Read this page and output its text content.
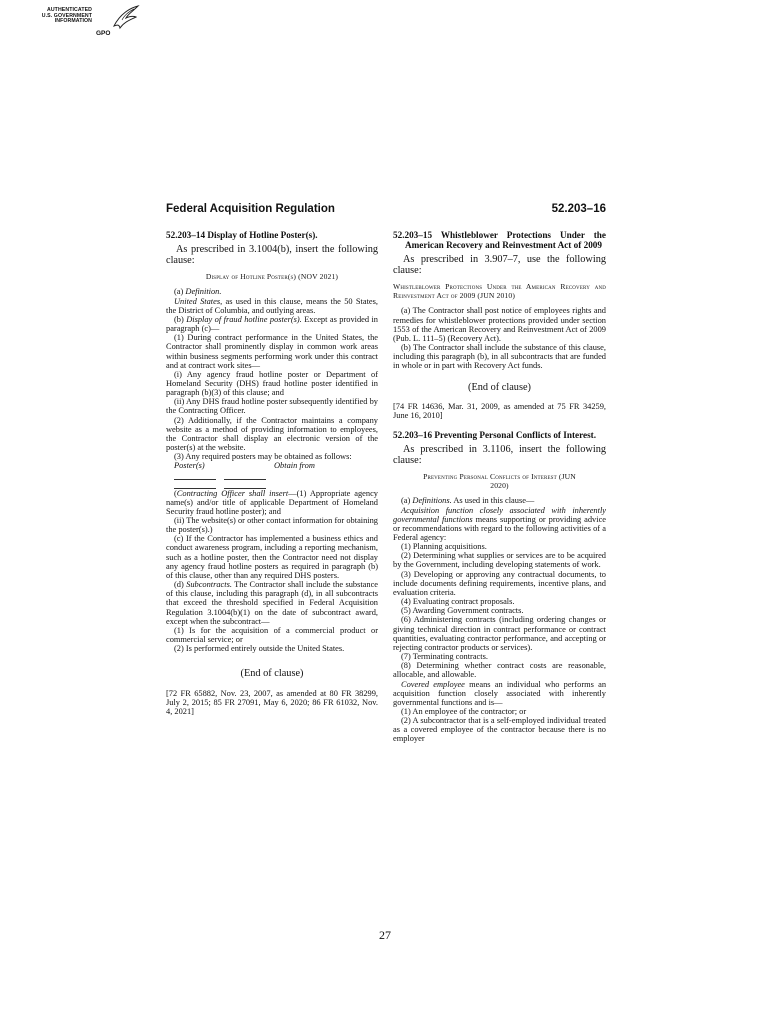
AUTHENTICATED
U.S. GOVERNMENT
INFORMATION
GPO
Federal Acquisition Regulation	52.203–16

52.203–14 Display of Hotline Poster(s).

As prescribed in 3.1004(b), insert the following clause:

Display of Hotline Poster(s) (NOV 2021)

(a) Definition.

United States, as used in this clause, means the 50 States, the District of Columbia, and outlying areas.

(b) Display of fraud hotline poster(s). Except as provided in paragraph (c)—

(1) During contract performance in the United States, the Contractor shall prominently display in common work areas within business segments performing work under this contract and at contract work sites—

(i) Any agency fraud hotline poster or Department of Homeland Security (DHS) fraud hotline poster identified in paragraph (b)(3) of this clause; and

(ii) Any DHS fraud hotline poster subsequently identified by the Contracting Officer.

(2) Additionally, if the Contractor maintains a company website as a method of providing information to employees, the Contractor shall display an electronic version of the poster(s) at the website.

(3) Any required posters may be obtained as follows:

Poster(s)	Obtain from

(Contracting Officer shall insert—(1) Appropriate agency name(s) and/or title of applicable Department of Homeland Security fraud hotline poster); and

(ii) The website(s) or other contact information for obtaining the poster(s).)

(c) If the Contractor has implemented a business ethics and conduct awareness program, including a reporting mechanism, such as a hotline poster, then the Contractor need not display any agency fraud hotline posters as required in paragraph (b) of this clause, other than any required DHS posters.

(d) Subcontracts. The Contractor shall include the substance of this clause, including this paragraph (d), in all subcontracts that exceed the threshold specified in Federal Acquisition Regulation 3.1004(b)(1) on the date of subcontract award, except when the subcontract—

(1) Is for the acquisition of a commercial product or commercial service; or

(2) Is performed entirely outside the United States.

(End of clause)

[72 FR 65882, Nov. 23, 2007, as amended at 80 FR 38299, July 2, 2015; 85 FR 27091, May 6, 2020; 86 FR 61032, Nov. 4, 2021]

52.203–15 Whistleblower Protections Under the American Recovery and Reinvestment Act of 2009

As prescribed in 3.907–7, use the following clause:

Whistleblower Protections Under the American Recovery and Reinvestment Act of 2009 (JUN 2010)

(a) The Contractor shall post notice of employees rights and remedies for whistleblower protections provided under section 1553 of the American Recovery and Reinvestment Act of 2009 (Pub. L. 111–5) (Recovery Act).

(b) The Contractor shall include the substance of this clause, including this paragraph (b), in all subcontracts that are funded in whole or in part with Recovery Act funds.

(End of clause)

[74 FR 14636, Mar. 31, 2009, as amended at 75 FR 34259, June 16, 2010]

52.203–16 Preventing Personal Conflicts of Interest.

As prescribed in 3.1106, insert the following clause:

Preventing Personal Conflicts of Interest (JUN 2020)

(a) Definitions. As used in this clause—

Acquisition function closely associated with inherently governmental functions means supporting or providing advice or recommendations with regard to the following activities of a Federal agency:

(1) Planning acquisitions.

(2) Determining what supplies or services are to be acquired by the Government, including developing statements of work.

(3) Developing or approving any contractual documents, to include documents defining requirements, incentive plans, and evaluation criteria.

(4) Evaluating contract proposals.

(5) Awarding Government contracts.

(6) Administering contracts (including ordering changes or giving technical direction in contract performance or contract quantities, evaluating contractor performance, and accepting or rejecting contractor products or services).

(7) Terminating contracts.

(8) Determining whether contract costs are reasonable, allocable, and allowable.

Covered employee means an individual who performs an acquisition function closely associated with inherently governmental functions and is—

(1) An employee of the contractor; or

(2) A subcontractor that is a self-employed individual treated as a covered employee of the contractor because there is no employer

27
